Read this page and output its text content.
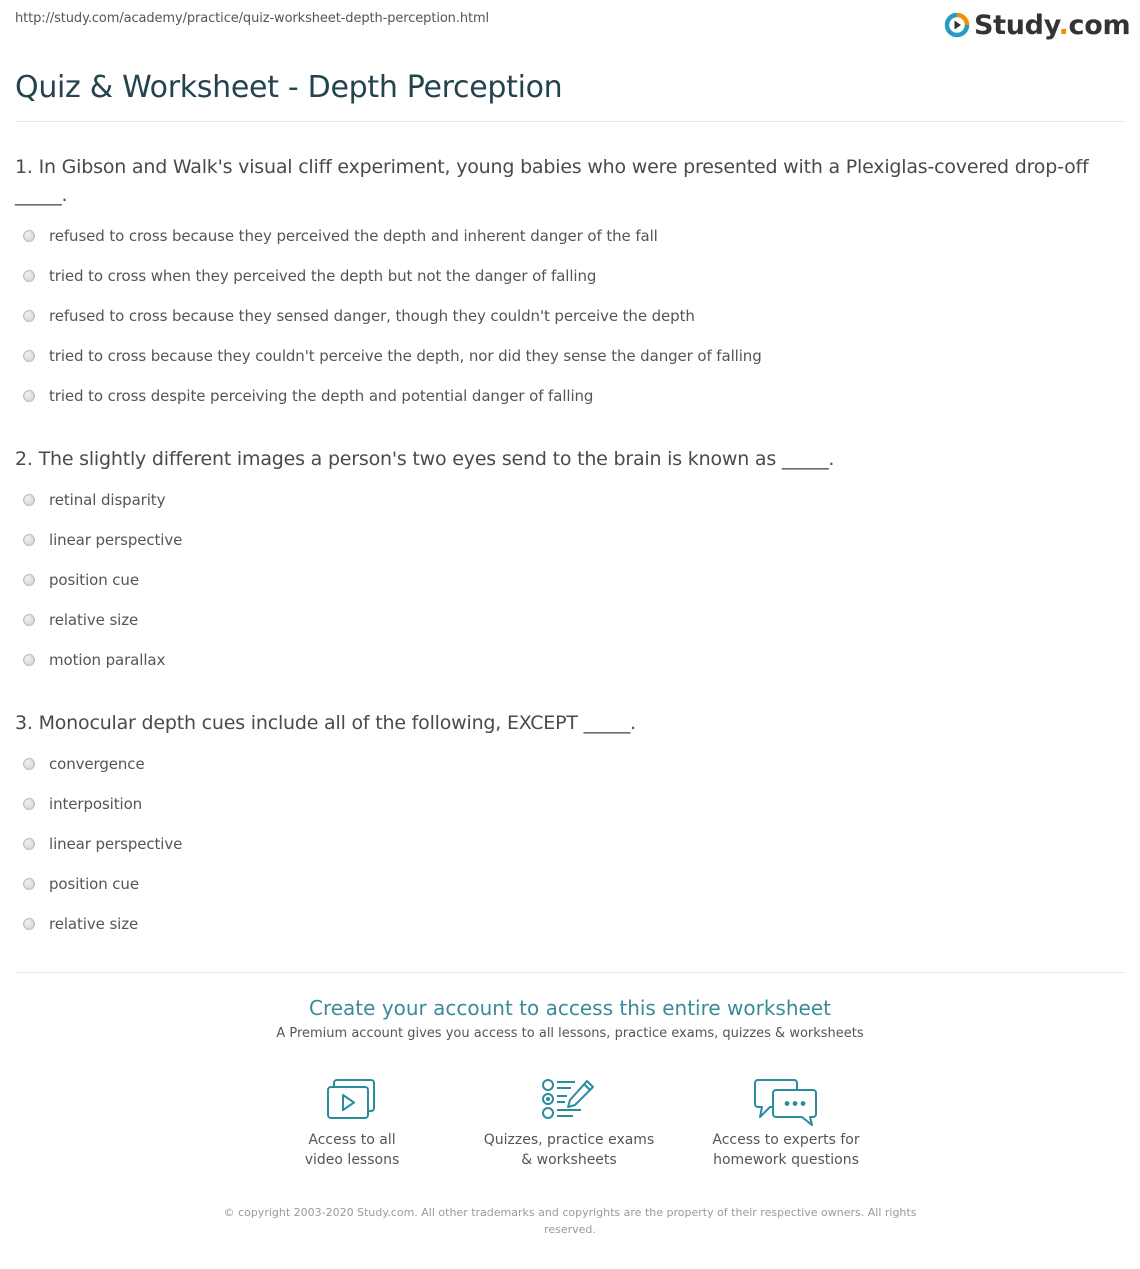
http://study.com/academy/practice/quiz-worksheet-depth-perception.html	Study.com
Quiz & Worksheet - Depth Perception
1. In Gibson and Walk's visual cliff experiment, young babies who were presented with a Plexiglas-covered drop-off _____.
refused to cross because they perceived the depth and inherent danger of the fall
tried to cross when they perceived the depth but not the danger of falling
refused to cross because they sensed danger, though they couldn't perceive the depth
tried to cross because they couldn't perceive the depth, nor did they sense the danger of falling
tried to cross despite perceiving the depth and potential danger of falling
2. The slightly different images a person's two eyes send to the brain is known as _____.
retinal disparity
linear perspective
position cue
relative size
motion parallax
3. Monocular depth cues include all of the following, EXCEPT _____.
convergence
interposition
linear perspective
position cue
relative size
Create your account to access this entire worksheet
A Premium account gives you access to all lessons, practice exams, quizzes & worksheets
Access to all
video lessons
Quizzes, practice exams
& worksheets
Access to experts for
homework questions
© copyright 2003-2020 Study.com. All other trademarks and copyrights are the property of their respective owners. All rights reserved.
